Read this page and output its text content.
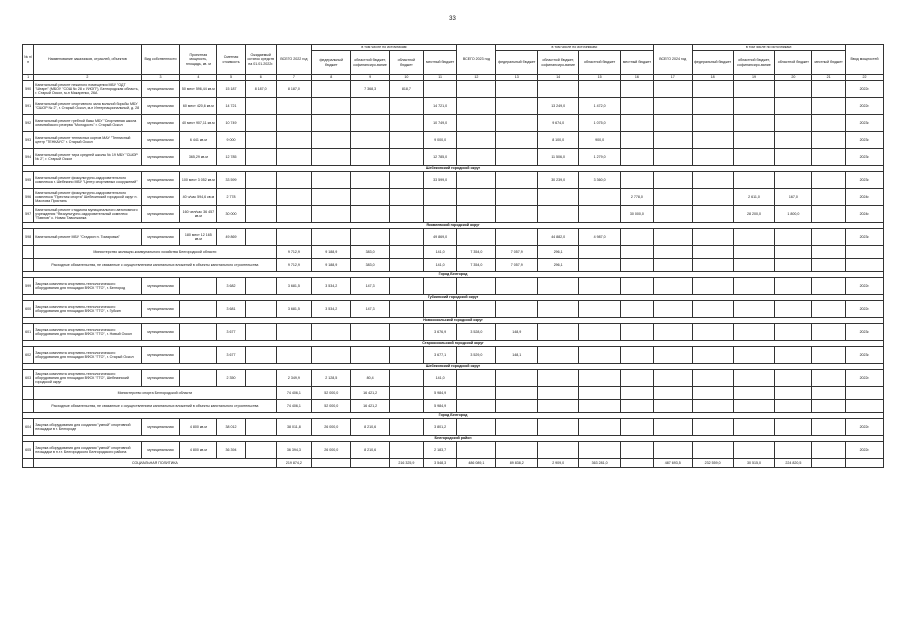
33
№ п/п	Наименование заказчиков, отраслей, объектов	Вид собственности	Проектная мощность, площадь, кв. м	Сметная стоимость	Ожидаемый остаток средств на 01.01.2022г.	ВСЕГО 2022 год	в том числе по источникам:				ВСЕГО 2023 год	в том числе по источникам:				ВСЕГО 2024 год	в том числе по источникам:				Ввод мощностей
							федеральный бюджет	областной бюджет, софинансиро-вание	областной бюджет	местный бюджет		федеральный бюджет	областной бюджет, софинансиро-вание	областной бюджет	местный бюджет		федеральный бюджет	областной бюджет, софинансиро-вание	областной бюджет	местный бюджет	
1	2	3	4	5	6	7	8	9	10	11	12	13	14	15	16	17	18	19	20	21	22
590	Капитальный ремонт нежилого помещения МБУ "ОДТ "Штарн" (МБОУ "СОШ № 28 с УИОП"), Белгородская область, г. Старый Оскол, м-н Макаренко, 26А	муниципальная	50 мест 596,44 кв.м	15 187	8 187,0	8 187,0		7 368,3	818,7												2022г.
591	Капитальный ремонт спортивного зала вольной борьбы МБУ "СШОР № 2", г. Старый Оскол, м-н Интернациональный, д. 28	муниципальная	60 мест 420,6 кв.м	14 721						14 721,0			13 249,0	1 472,0							2022г.
592	Капитальный ремонт гребной базы МБУ "Спортивная школа олимпийского резерва "Молодость" г. Старый Оскол	муниципальная	40 мест 907,11 кв.м	10 749						10 749,0			9 674,0	1 075,0							2023г.
593	Капитальный ремонт теннисных кортов МАУ "Теннисный центр "ТЕНКАУС" г. Старый Оскол	муниципальная	6 441 кв.м	9 000						9 000,0			8 100,0	900,0							2023г.
594	Капитальный ремонт тира средней школы № 19 МБУ "СШОР № 2", г. Старый Оскол	муниципальная	365,29 кв.м	12 785						12 785,0			11 506,0	1 279,0							2023г.
Шебекинский городской округ																					
595	Капитальный ремонт физкультурно-оздоровительного комплекса г. Шебекино МБУ "Центр спортивных сооружений"	муниципальная	100 мест 3 052 кв.м	33 599						33 599,0			30 239,0	3 360,0							2023г.
596	Капитальный ремонт физкультурно-оздоровительного комплекса "Престиж спорта" Шебекинский городской округ п. Маслова Пристань	муниципальная	40 ч/час 594,6 кв.м	2 778											2 778,0			2 611,0	167,0		2024г.
597	Капитальный ремонт стадиона муниципального автономного учреждения "Физкультурно-оздоровительный комплекс "Павлов" с. Новая Таволжанка	муниципальная	160 чел/час 36 457 кв.м	30 000											30 000,0			28 200,0	1 800,0		2024г.
Яковлевский городской округ																					
598	Капитальный ремонт МБУ "Стадион п. Томаровка"	муниципальная	180 мест 12 165 кв.м	49 869						49 869,0			44 882,0	4 987,0							2023г.
	Министерство жилищно-коммунального хозяйства Белгородской области					9 712,9	9 188,9	383,0		141,0	7 354,0	7 057,9	296,1								
	Расходные обязательства, не связанные с осуществлением капитальных вложений в объекты капитального строительства					9 712,9	9 188,9	383,0		141,0	7 354,0	7 057,9	296,1								
Город Белгород																					
599	Закупка комплекта спортивно-технологического оборудования для площадки ВФСК "ГТО", г. Белгород	муниципальная		3 682		3 681,5	3 534,2	147,3													2022г.
Губкинский городской округ																					
600	Закупка комплекта спортивно-технологического оборудования для площадки ВФСК "ГТО", г. Губкин	муниципальная		3 681		3 681,5	3 534,2	147,3													2022г.
Новооскольский городской округ																					
601	Закупка комплекта спортивно-технологического оборудования для площадки ВФСК "ГТО", г. Новый Оскол	муниципальная		3 677						3 676,9	3 528,0	148,9									2023г.
Старооскольский городской округ																					
602	Закупка комплекта спортивно-технологического оборудования для площадки ВФСК "ГТО", г. Старый Оскол	муниципальная		3 677						3 677,1	3 529,0	148,1									2023г.
Шебекинский городской округ																					
603	Закупка комплекта спортивно-технологического оборудования для площадки ВФСК "ГТО", Шебекинский городской округ	муниципальная		2 350		2 349,9	2 128,5	80,4		141,0											2022г.
	Министерство спорта Белгородской области					74 406,1	52 000,0	16 421,2		5 984,9											
	Расходные обязательства, не связанные с осуществлением капитальных вложений в объекты капитального строительства					74 406,1	52 000,0	16 421,2		5 984,9											
Город Белгород																					
604	Закупка оборудования для создания "умной" спортивной площадки в г. Белгороде	муниципальная	4 800 кв.м	38 012		38 011,8	26 000,0	8 210,6		3 801,2											2022г.
Белгородский район																					
605	Закупка оборудования для создания "умной" спортивной площадки в п.г.т. Белгородского Белгородского района	муниципальная	4 800 кв.м	36 394		36 394,3	26 000,0	8 210,6		2 183,7											2022г.
	СОЦИАЛЬНАЯ ПОЛИТИКА					219 874,2			216 325,9	3 548,3	486 089,1	89 838,2	2 909,0	363 281,0		487 693,5	232 559,0	30 515,0	224 820,5		
